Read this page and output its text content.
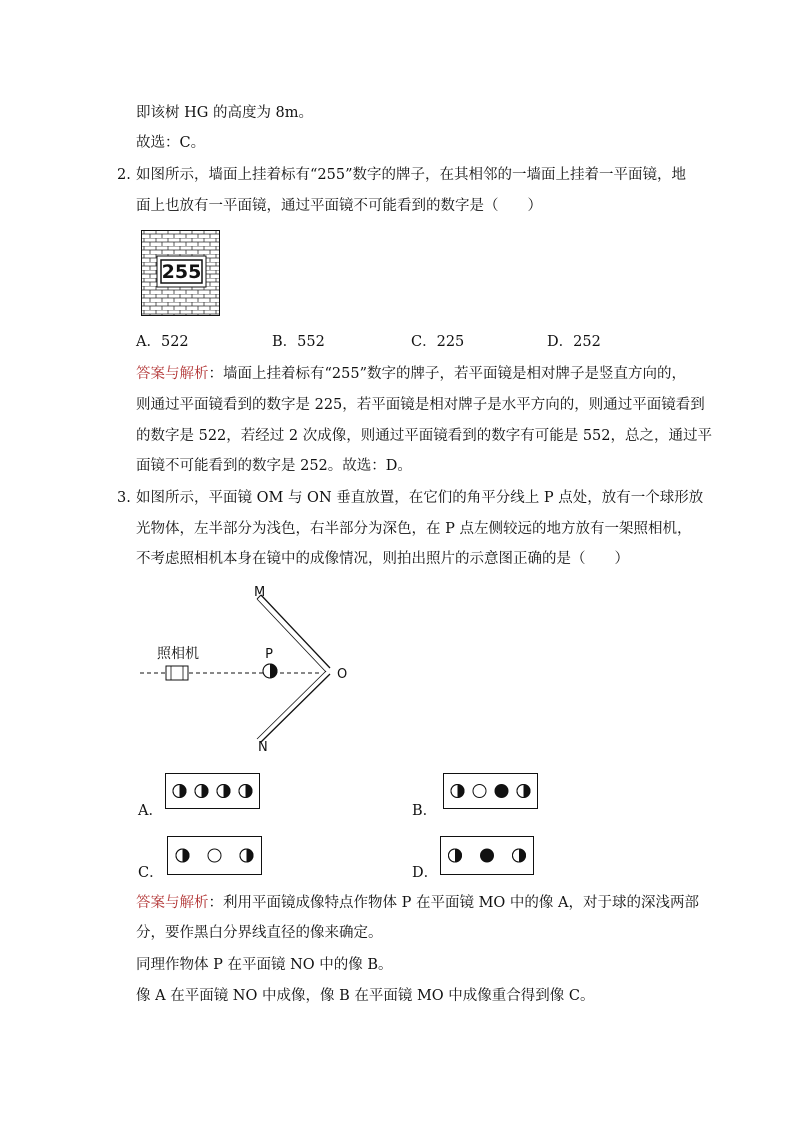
即该树 HG 的高度为 8m。
故选：C。
2. 如图所示，墙面上挂着标有“255”数字的牌子，在其相邻的一墙面上挂着一平面镜，地
面上也放有一平面镜，通过平面镜不可能看到的数字是（　　）
255
A．522	B．552	C．225	D．252
答案与解析：墙面上挂着标有“255”数字的牌子，若平面镜是相对牌子是竖直方向的，
则通过平面镜看到的数字是 225，若平面镜是相对牌子是水平方向的，则通过平面镜看到
的数字是 522，若经过 2 次成像，则通过平面镜看到的数字有可能是 552，总之，通过平
面镜不可能看到的数字是 252。故选：D。
3. 如图所示，平面镜 OM 与 ON 垂直放置，在它们的角平分线上 P 点处，放有一个球形放
光物体，左半部分为浅色，右半部分为深色，在 P 点左侧较远的地方放有一架照相机，
不考虑照相机本身在镜中的成像情况，则拍出照片的示意图正确的是（　　）
照相机	P
M
O
N
A．	B．
C．	D．
答案与解析：利用平面镜成像特点作物体 P 在平面镜 MO 中的像 A，对于球的深浅两部
分，要作黑白分界线直径的像来确定。
同理作物体 P 在平面镜 NO 中的像 B。
像 A 在平面镜 NO 中成像，像 B 在平面镜 MO 中成像重合得到像 C。
